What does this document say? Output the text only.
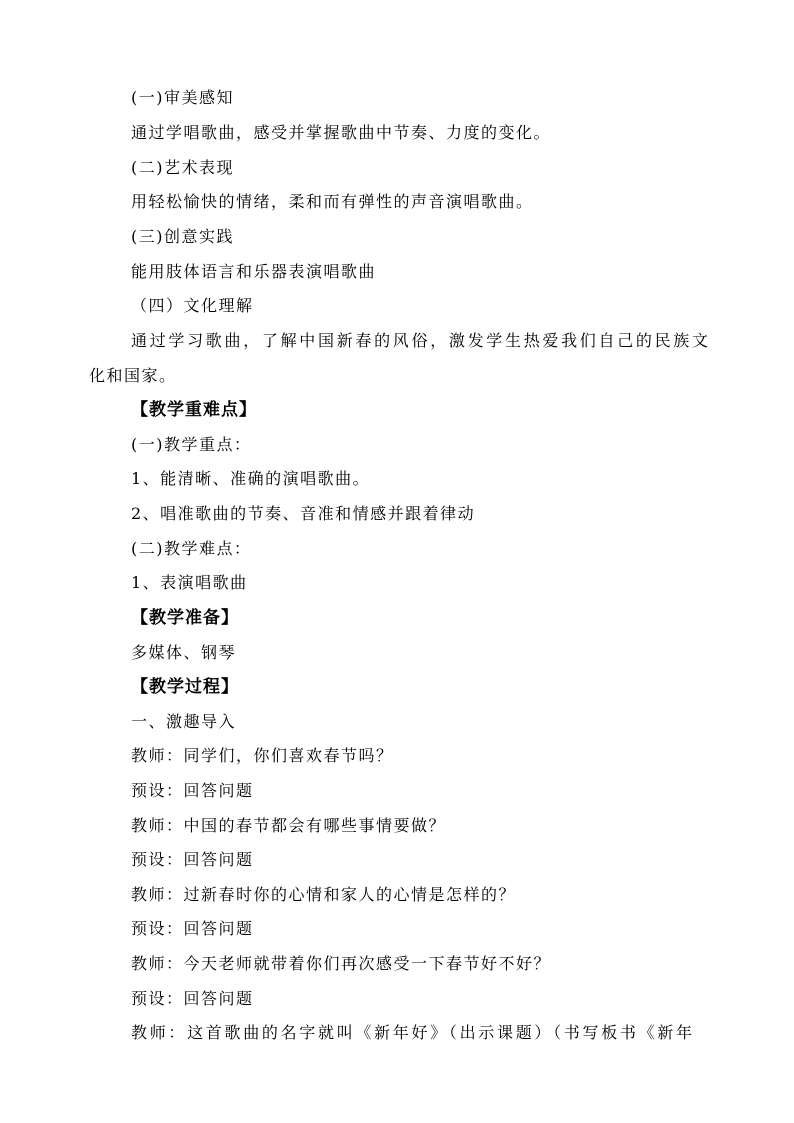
(一)审美感知
通过学唱歌曲，感受并掌握歌曲中节奏、力度的变化。
(二)艺术表现
用轻松愉快的情绪，柔和而有弹性的声音演唱歌曲。
(三)创意实践
能用肢体语言和乐器表演唱歌曲
（四）文化理解
通过学习歌曲，了解中国新春的风俗，激发学生热爱我们自己的民族文
化和国家。
【教学重难点】
(一)教学重点：
1、能清晰、准确的演唱歌曲。
2、唱准歌曲的节奏、音准和情感并跟着律动
(二)教学难点：
1、表演唱歌曲
【教学准备】
多媒体、钢琴
【教学过程】
一、激趣导入
教师：同学们，你们喜欢春节吗？
预设：回答问题
教师：中国的春节都会有哪些事情要做？
预设：回答问题
教师：过新春时你的心情和家人的心情是怎样的？
预设：回答问题
教师：今天老师就带着你们再次感受一下春节好不好？
预设：回答问题
教师：这首歌曲的名字就叫《新年好》（出示课题）（书写板书《新年
